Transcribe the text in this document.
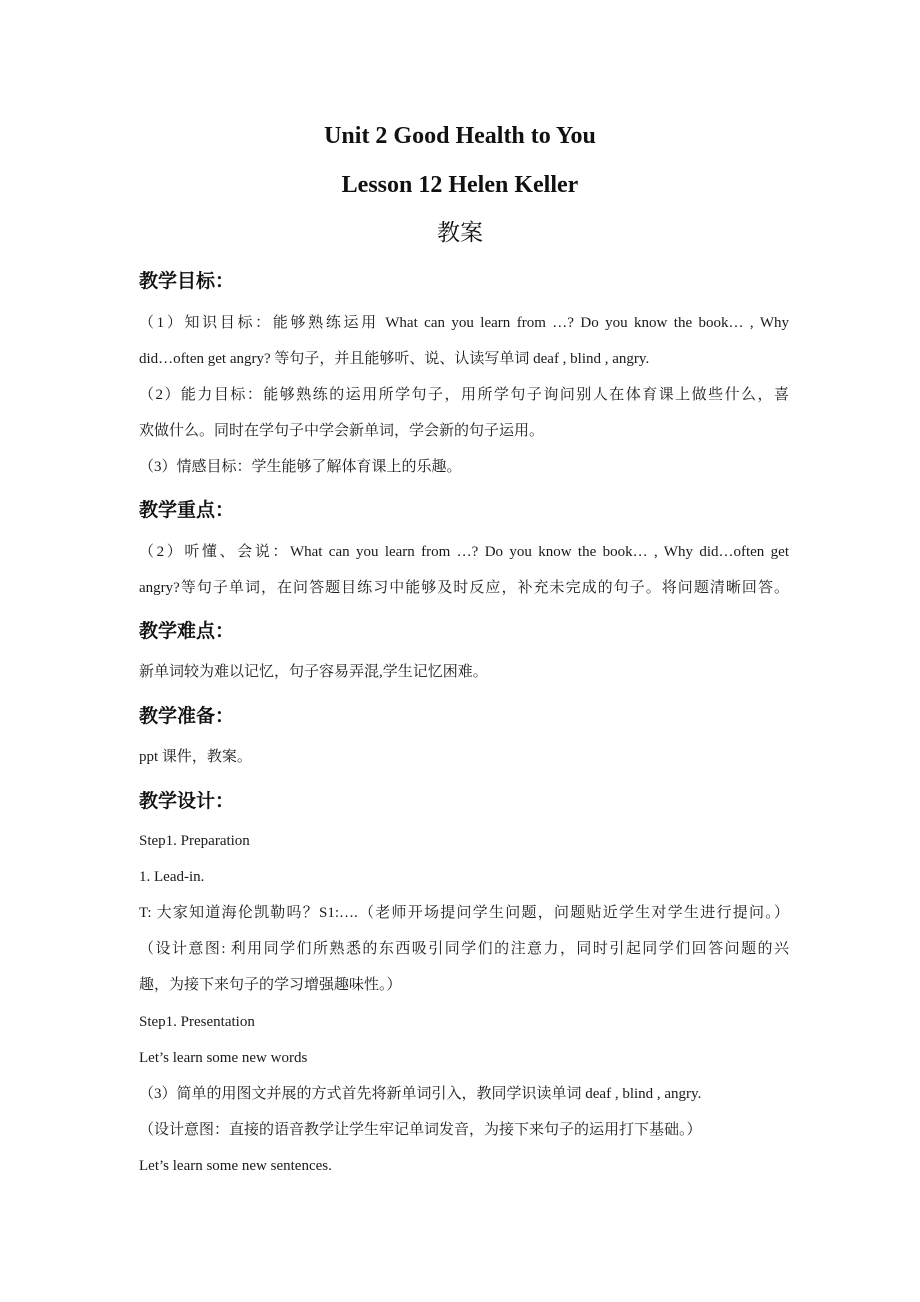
Unit 2 Good Health to You
Lesson 12 Helen Keller
教案
教学目标：
（1）知识目标：能够熟练运用 What can you learn from …? Do you know the book… , Why
did…often get angry? 等句子，并且能够听、说、认读写单词 deaf , blind , angry.
（2）能力目标：能够熟练的运用所学句子，用所学句子询问别人在体育课上做些什么，喜
欢做什么。同时在学句子中学会新单词，学会新的句子运用。
（3）情感目标：学生能够了解体育课上的乐趣。
教学重点：
（2）听懂、会说：What can you learn from …? Do you know the book… , Why did…often get
angry?等句子单词，在问答题目练习中能够及时反应，补充未完成的句子。将问题清晰回答。
教学难点：
新单词较为难以记忆，句子容易弄混,学生记忆困难。
教学准备：
ppt 课件，教案。
教学设计：
Step1. Preparation
1. Lead-in.
T: 大家知道海伦凯勒吗？S1:….（老师开场提问学生问题，问题贴近学生对学生进行提问。）
（设计意图: 利用同学们所熟悉的东西吸引同学们的注意力，同时引起同学们回答问题的兴
趣，为接下来句子的学习增强趣味性。）
Step1. Presentation
Let’s learn some new words
（3）简单的用图文并展的方式首先将新单词引入，教同学识读单词 deaf , blind , angry.
（设计意图：直接的语音教学让学生牢记单词发音，为接下来句子的运用打下基础。）
Let’s learn some new sentences.
